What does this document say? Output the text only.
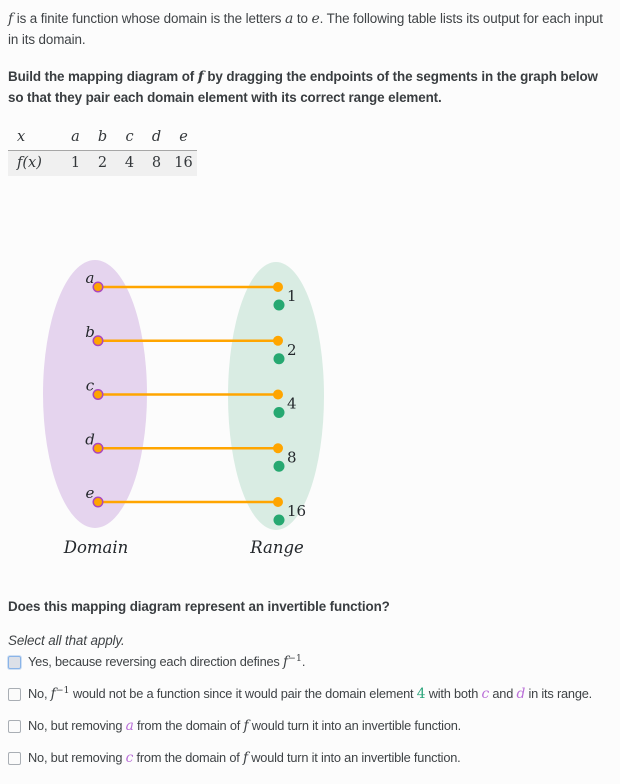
f is a finite function whose domain is the letters a to e. The following table lists its output for each input in its domain.

Build the mapping diagram of f by dragging the endpoints of the segments in the graph below so that they pair each domain element with its correct range element.

x	a	b	c	d	e
f(x)	1	2	4	8	16
a
1
b
2
c
4
d
8
e
16
Domain	Range

Does this mapping diagram represent an invertible function?

Select all that apply.

Yes, because reversing each direction defines $f^{-1}$.
No, $f^{-1}$ would not be a function since it would pair the domain element 4 with both c and d in its range.
No, but removing a from the domain of f would turn it into an invertible function.
No, but removing c from the domain of f would turn it into an invertible function.
